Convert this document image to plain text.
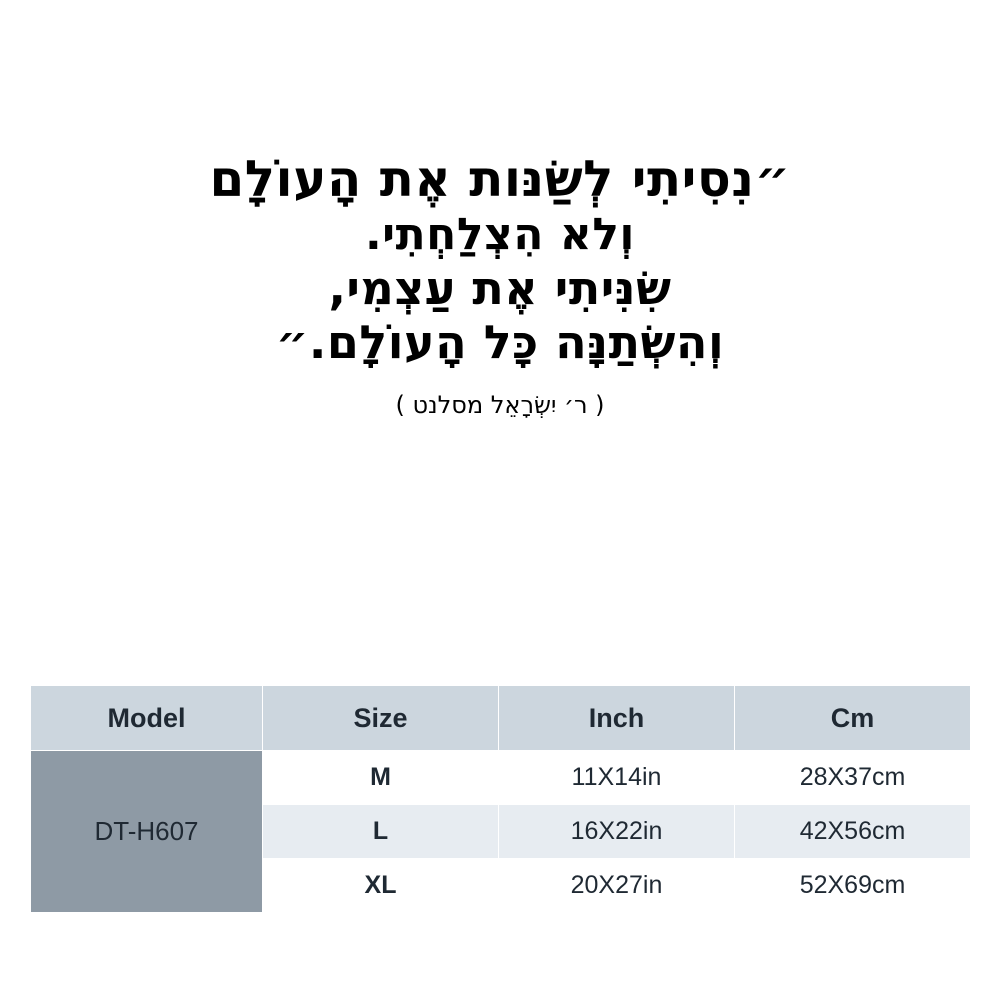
״נִסִיתִי לְשַׂנּות אֶת הָעוֹלָם
וְלא הִצְלַחְתִי.
שִׂנִּיתִי אֶת עַצְמִי,
וְהִשְׂתַנָּה כָּל הָעוֹלָם.״
( ר׳ יִשְׂרָאֵל מסלנט )
Model	Size	Inch	Cm
DT-H607	M	11X14in	28X37cm
	L	16X22in	42X56cm
	XL	20X27in	52X69cm
